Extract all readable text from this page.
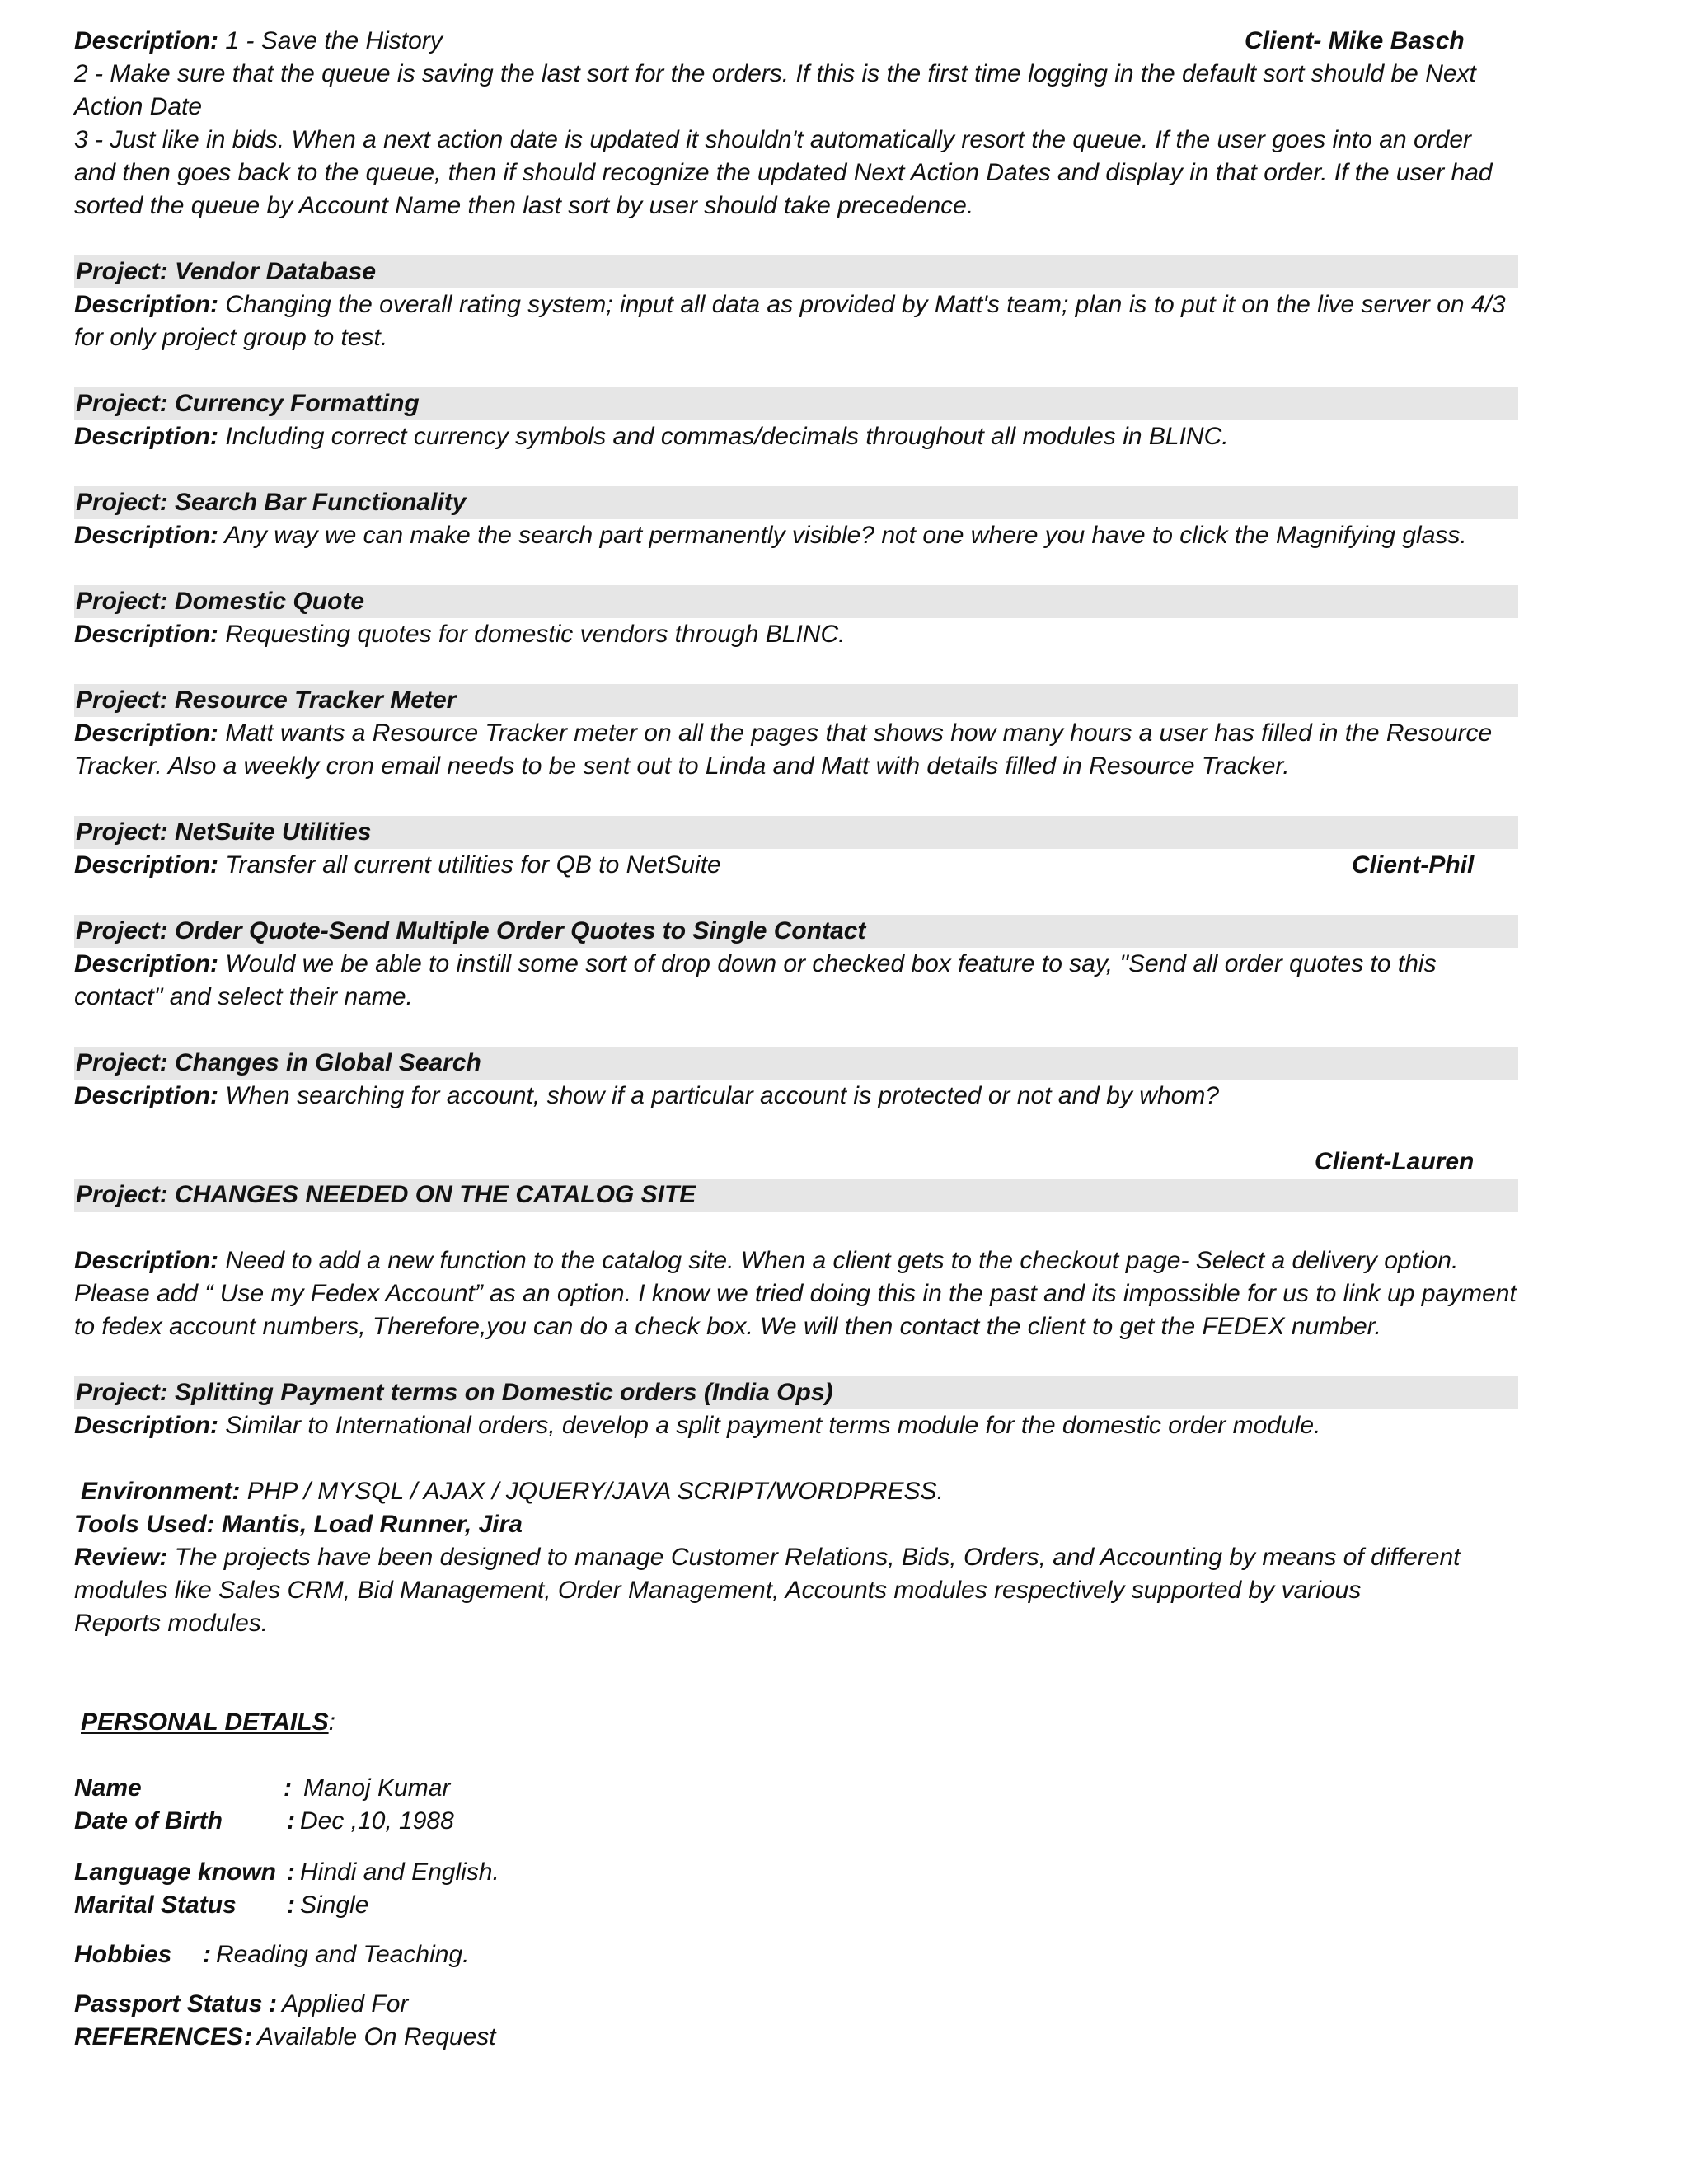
Description: 1 - Save the History	Client- Mike Basch

2 - Make sure that the queue is saving the last sort for the orders. If this is the first time logging in the default sort should be Next Action Date

3 - Just like in bids. When a next action date is updated it shouldn't automatically resort the queue. If the user goes into an order and then goes back to the queue, then if should recognize the updated Next Action Dates and display in that order. If the user had sorted the queue by Account Name then last sort by user should take precedence.

Project: Vendor Database

Description: Changing the overall rating system; input all data as provided by Matt's team; plan is to put it on the live server on 4/3 for only project group to test.

Project: Currency Formatting

Description: Including correct currency symbols and commas/decimals throughout all modules in BLINC.

Project: Search Bar Functionality

Description: Any way we can make the search part permanently visible? not one where you have to click the Magnifying glass.

Project: Domestic Quote

Description: Requesting quotes for domestic vendors through BLINC.

Project: Resource Tracker Meter

Description: Matt wants a Resource Tracker meter on all the pages that shows how many hours a user has filled in the Resource Tracker. Also a weekly cron email needs to be sent out to Linda and Matt with details filled in Resource Tracker.

Project: NetSuite Utilities

Description: Transfer all current utilities for QB to NetSuite	Client-Phil

Project: Order Quote-Send Multiple Order Quotes to Single Contact

Description: Would we be able to instill some sort of drop down or checked box feature to say, "Send all order quotes to this contact" and select their name.

Project: Changes in Global Search

Description: When searching for account, show if a particular account is protected or not and by whom?

Client-Lauren

Project: CHANGES NEEDED ON THE CATALOG SITE

Description: Need to add a new function to the catalog site. When a client gets to the checkout page- Select a delivery option. Please add “ Use my Fedex Account” as an option. I know we tried doing this in the past and its impossible for us to link up payment to fedex account numbers, Therefore,you can do a check box. We will then contact the client to get the FEDEX number.

Project: Splitting Payment terms on Domestic orders (India Ops)

Description: Similar to International orders, develop a split payment terms module for the domestic order module.

Environment: PHP / MYSQL / AJAX / JQUERY/JAVA SCRIPT/WORDPRESS.

Tools Used: Mantis, Load Runner, Jira

Review: The projects have been designed to manage Customer Relations, Bids, Orders, and Accounting by means of different modules like Sales CRM, Bid Management, Order Management, Accounts modules respectively supported by various

Reports modules.

PERSONAL DETAILS:

Name	: Manoj Kumar
Date of Birth	: Dec ,10, 1988
Language known : Hindi and English.
Marital Status	: Single
Hobbies	: Reading and Teaching.
Passport Status : Applied For
REFERENCES : Available On Request
